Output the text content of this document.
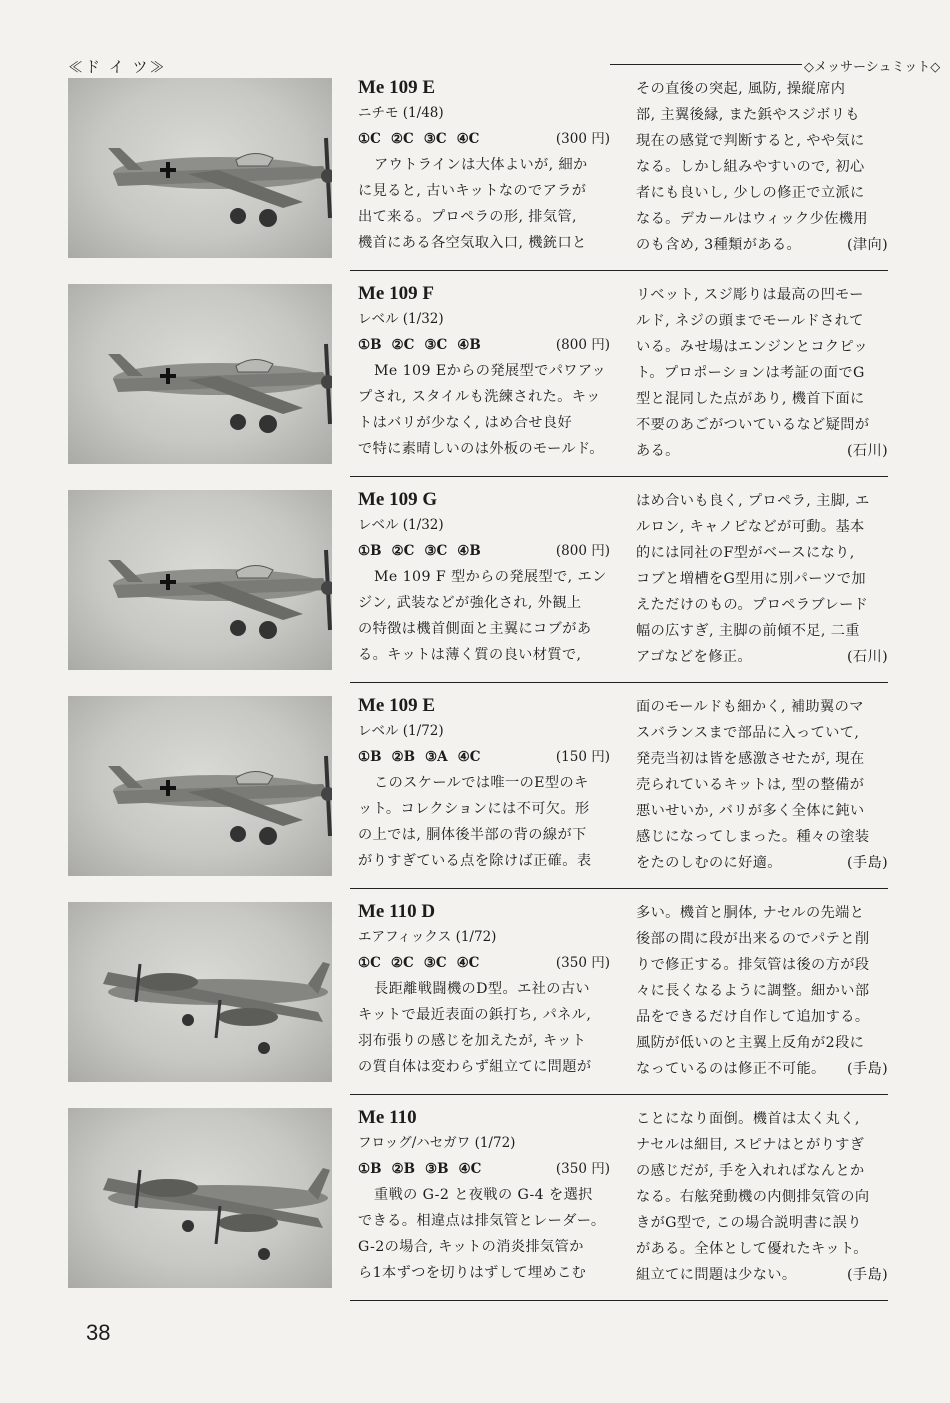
≪ド イ ツ≫	◇メッサーシュミット◇
Me 109 E
ニチモ (1/48)
①C ②C ③C ④C	(300 円)
アウトラインは大体よいが, 細か
に見ると, 古いキットなのでアラが
出て来る。プロペラの形, 排気管,
機首にある各空気取入口, 機銃口と
その直後の突起, 風防, 操縦席内
部, 主翼後縁, また鋲やスジボリも
現在の感覚で判断すると, やや気に
なる。しかし組みやすいので, 初心
者にも良いし, 少しの修正で立派に
なる。デカールはウィック少佐機用
のも含め, 3種類がある。	(津向)
Me 109 F
レベル (1/32)
①B ②C ③C ④B	(800 円)
Me 109 Eからの発展型でパワアッ
プされ, スタイルも洗練された。キッ
トはバリが少なく, はめ合せ良好
で特に素晴しいのは外板のモールド。
リベット, スジ彫りは最高の凹モー
ルド, ネジの頭までモールドされて
いる。みせ場はエンジンとコクピッ
ト。プロポーションは考証の面でG
型と混同した点があり, 機首下面に
不要のあごがついているなど疑問が
ある。	(石川)
Me 109 G
レベル (1/32)
①B ②C ③C ④B	(800 円)
Me 109 F 型からの発展型で, エン
ジン, 武装などが強化され, 外観上
の特徴は機首側面と主翼にコブがあ
る。キットは薄く質の良い材質で,
はめ合いも良く, プロペラ, 主脚, エ
ルロン, キャノピなどが可動。基本
的には同社のF型がベースになり,
コブと増槽をG型用に別パーツで加
えただけのもの。プロペラブレード
幅の広すぎ, 主脚の前傾不足, 二重
アゴなどを修正。	(石川)
Me 109 E
レベル (1/72)
①B ②B ③A ④C	(150 円)
このスケールでは唯一のE型のキ
ット。コレクションには不可欠。形
の上では, 胴体後半部の背の線が下
がりすぎている点を除けば正確。表
面のモールドも細かく, 補助翼のマ
スバランスまで部品に入っていて,
発売当初は皆を感激させたが, 現在
売られているキットは, 型の整備が
悪いせいか, バリが多く全体に鈍い
感じになってしまった。種々の塗装
をたのしむのに好適。	(手島)
Me 110 D
エアフィックス (1/72)
①C ②C ③C ④C	(350 円)
長距離戦闘機のD型。エ社の古い
キットで最近表面の鋲打ち, パネル,
羽布張りの感じを加えたが, キット
の質自体は変わらず組立てに問題が
多い。機首と胴体, ナセルの先端と
後部の間に段が出来るのでパテと削
りで修正する。排気管は後の方が段
々に長くなるように調整。細かい部
品をできるだけ自作して追加する。
風防が低いのと主翼上反角が2段に
なっているのは修正不可能。 (手島)
Me 110
フロッグ/ハセガワ (1/72)
①B ②B ③B ④C	(350 円)
重戦の G-2 と夜戦の G-4 を選択
できる。相違点は排気管とレーダー。
G-2の場合, キットの消炎排気管か
ら1本ずつを切りはずして埋めこむ
ことになり面倒。機首は太く丸く,
ナセルは細目, スピナはとがりすぎ
の感じだが, 手を入れればなんとか
なる。右舷発動機の内側排気管の向
きがG型で, この場合説明書に誤り
がある。全体として優れたキット。
組立てに問題は少ない。	(手島)
38
